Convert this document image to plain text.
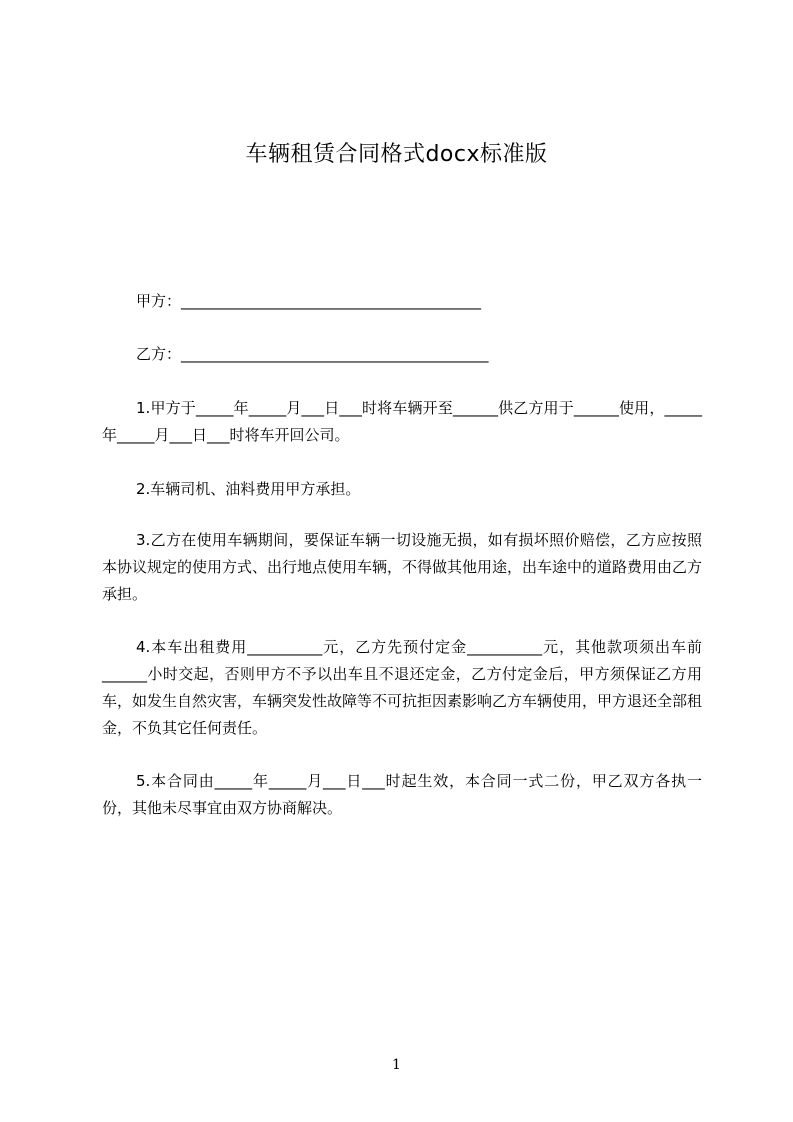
车辆租赁合同格式docx标准版
甲方：________________________________________
乙方：_________________________________________
1.甲方于_____年_____月___日___时将车辆开至______供乙方用于______使用，_____年_____月___日___时将车开回公司。
2.车辆司机、油料费用甲方承担。
3.乙方在使用车辆期间，要保证车辆一切设施无损，如有损坏照价赔偿，乙方应按照本协议规定的使用方式、出行地点使用车辆，不得做其他用途，出车途中的道路费用由乙方承担。
4.本车出租费用__________元，乙方先预付定金__________元，其他款项须出车前______小时交起，否则甲方不予以出车且不退还定金，乙方付定金后，甲方须保证乙方用车，如发生自然灾害，车辆突发性故障等不可抗拒因素影响乙方车辆使用，甲方退还全部租金，不负其它任何责任。
5.本合同由_____年_____月___日___时起生效，本合同一式二份，甲乙双方各执一份，其他未尽事宜由双方协商解决。
1
